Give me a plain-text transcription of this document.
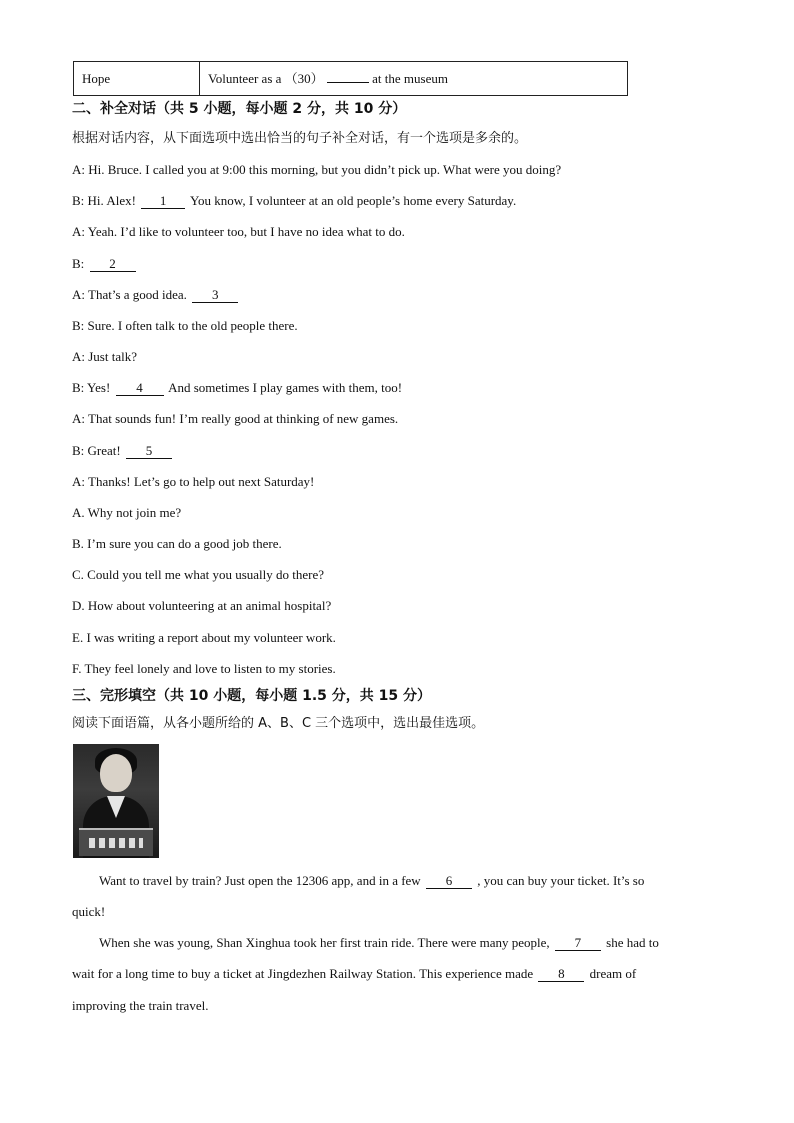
Hope	Volunteer as a （30）	at the museum
二、补全对话（共 5 小题，每小题 2 分，共 10 分）
根据对话内容，从下面选项中选出恰当的句子补全对话，有一个选项是多余的。
A: Hi. Bruce. I called you at 9:00 this morning, but you didn’t pick up. What were you doing?
B: Hi. Alex! 1 You know, I volunteer at an old people’s home every Saturday.
A: Yeah. I’d like to volunteer too, but I have no idea what to do.
B: 2
A: That’s a good idea. 3
B: Sure. I often talk to the old people there.
A: Just talk?
B: Yes! 4 And sometimes I play games with them, too!
A: That sounds fun! I’m really good at thinking of new games.
B: Great! 5
A: Thanks! Let’s go to help out next Saturday!
A. Why not join me?
B. I’m sure you can do a good job there.
C. Could you tell me what you usually do there?
D. How about volunteering at an animal hospital?
E. I was writing a report about my volunteer work.
F. They feel lonely and love to listen to my stories.
三、完形填空（共 10 小题，每小题 1.5 分，共 15 分）
阅读下面语篇，从各小题所给的 A、B、C 三个选项中，选出最佳选项。
Want to travel by train? Just open the 12306 app, and in a few 6 , you can buy your ticket. It’s so
quick!
When she was young, Shan Xinghua took her first train ride. There were many people, 7 she had to
wait for a long time to buy a ticket at Jingdezhen Railway Station. This experience made 8 dream of
improving the train travel.
